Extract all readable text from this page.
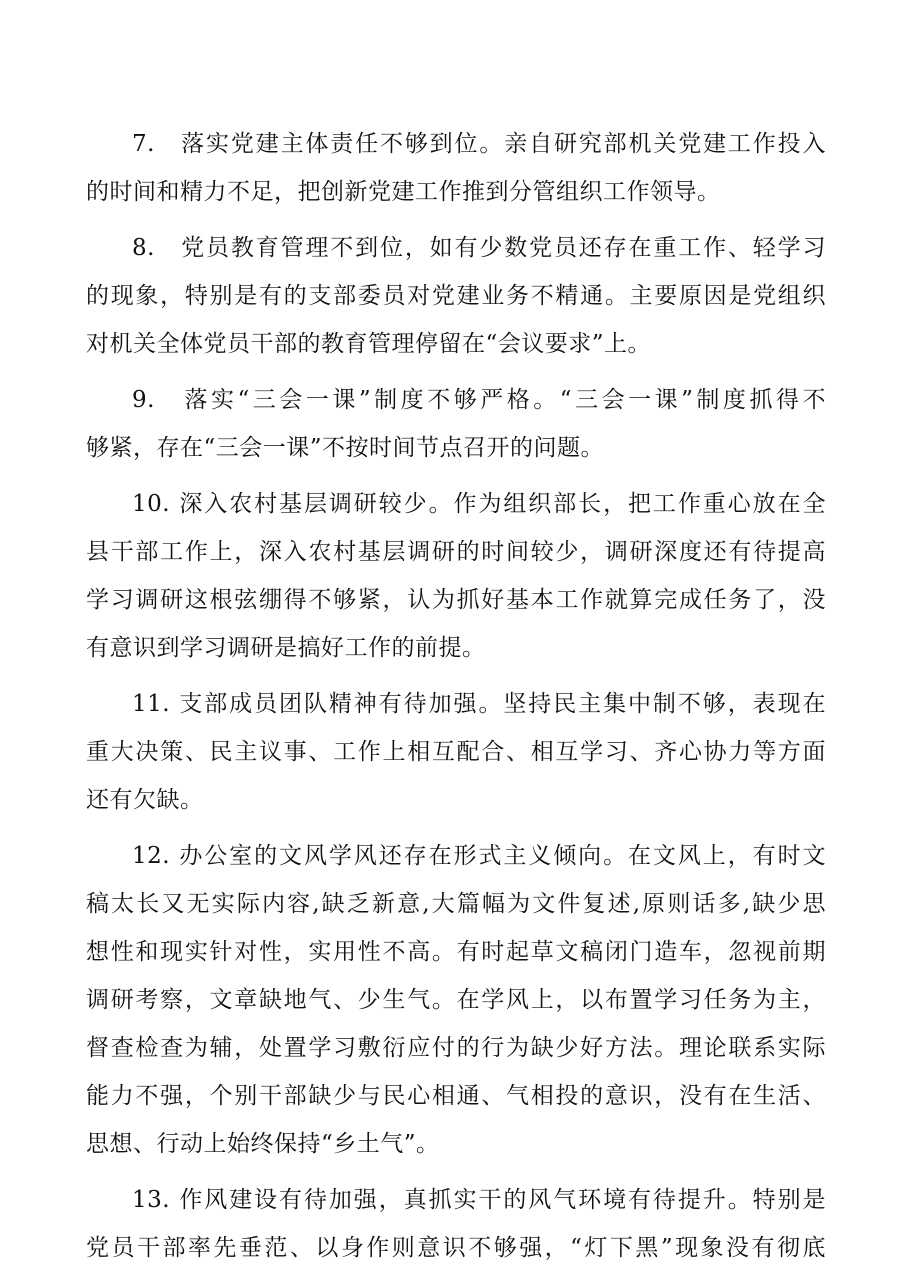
7.　落实党建主体责任不够到位。亲自研究部机关党建工作投入
的时间和精力不足，把创新党建工作推到分管组织工作领导。
8.　党员教育管理不到位，如有少数党员还存在重工作、轻学习
的现象，特别是有的支部委员对党建业务不精通。主要原因是党组织
对机关全体党员干部的教育管理停留在“会议要求”上。
9.　落实“三会一课”制度不够严格。“三会一课”制度抓得不
够紧，存在“三会一课”不按时间节点召开的问题。
10. 深入农村基层调研较少。作为组织部长，把工作重心放在全
县干部工作上，深入农村基层调研的时间较少，调研深度还有待提高
学习调研这根弦绷得不够紧，认为抓好基本工作就算完成任务了，没
有意识到学习调研是搞好工作的前提。
11. 支部成员团队精神有待加强。坚持民主集中制不够，表现在
重大决策、民主议事、工作上相互配合、相互学习、齐心协力等方面
还有欠缺。
12. 办公室的文风学风还存在形式主义倾向。在文风上，有时文
稿太长又无实际内容,缺乏新意,大篇幅为文件复述,原则话多,缺少思
想性和现实针对性，实用性不高。有时起草文稿闭门造车，忽视前期
调研考察，文章缺地气、少生气。在学风上，以布置学习任务为主，
督查检查为辅，处置学习敷衍应付的行为缺少好方法。理论联系实际
能力不强，个别干部缺少与民心相通、气相投的意识，没有在生活、
思想、行动上始终保持“乡土气”。
13. 作风建设有待加强，真抓实干的风气环境有待提升。特别是
党员干部率先垂范、以身作则意识不够强，“灯下黑”现象没有彻底
